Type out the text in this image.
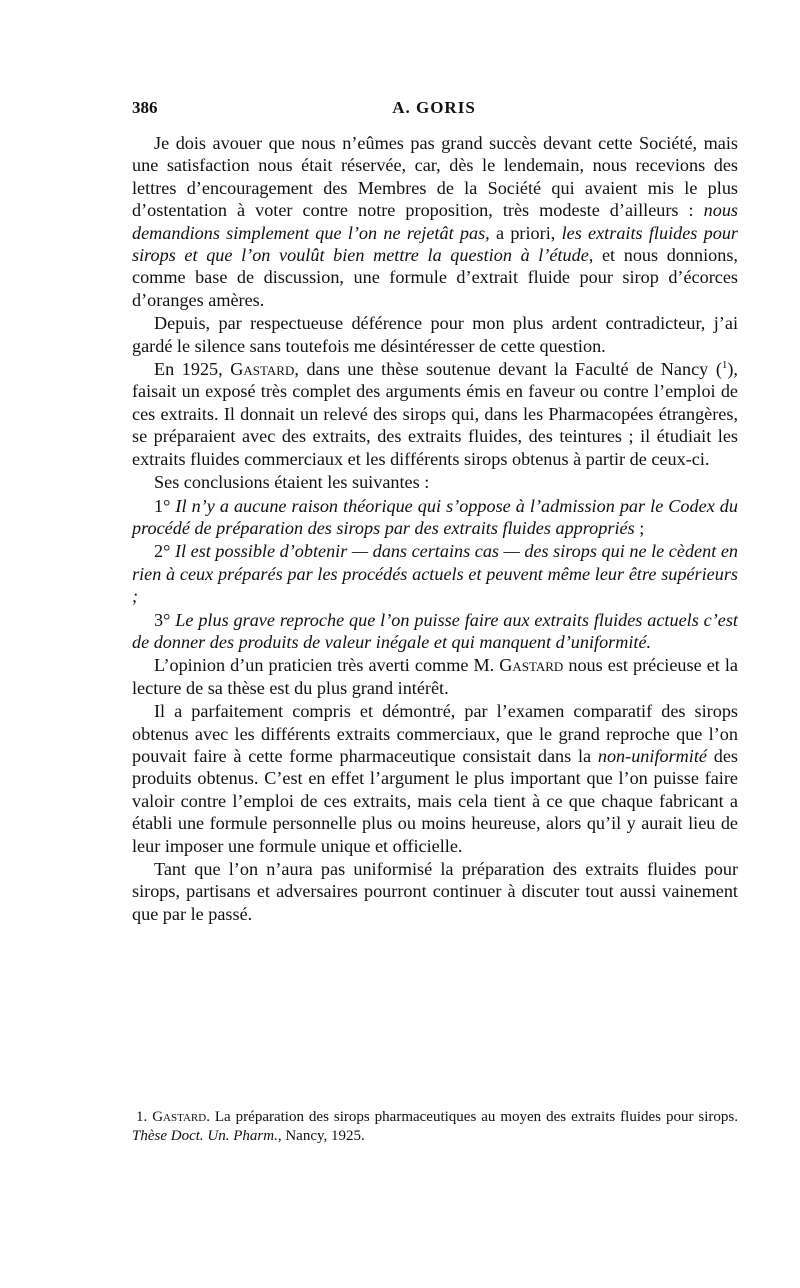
386	A. GORIS

Je dois avouer que nous n’eûmes pas grand succès devant cette Société, mais une satisfaction nous était réservée, car, dès le lendemain, nous recevions des lettres d’encouragement des Membres de la Société qui avaient mis le plus d’ostentation à voter contre notre proposition, très modeste d’ailleurs : nous demandions simplement que l’on ne rejetât pas, a priori, les extraits fluides pour sirops et que l’on voulût bien mettre la question à l’étude, et nous donnions, comme base de discussion, une formule d’extrait fluide pour sirop d’écorces d’oranges amères.

Depuis, par respectueuse déférence pour mon plus ardent contradicteur, j’ai gardé le silence sans toutefois me désintéresser de cette question.

En 1925, Gastard, dans une thèse soutenue devant la Faculté de Nancy ($^1$), faisait un exposé très complet des arguments émis en faveur ou contre l’emploi de ces extraits. Il donnait un relevé des sirops qui, dans les Pharmacopées étrangères, se préparaient avec des extraits, des extraits fluides, des teintures ; il étudiait les extraits fluides commerciaux et les différents sirops obtenus à partir de ceux-ci.

Ses conclusions étaient les suivantes :

1° Il n’y a aucune raison théorique qui s’oppose à l’admission par le Codex du procédé de préparation des sirops par des extraits fluides appropriés ;

2° Il est possible d’obtenir — dans certains cas — des sirops qui ne le cèdent en rien à ceux préparés par les procédés actuels et peuvent même leur être supérieurs ;

3° Le plus grave reproche que l’on puisse faire aux extraits fluides actuels c’est de donner des produits de valeur inégale et qui manquent d’uniformité.

L’opinion d’un praticien très averti comme M. Gastard nous est précieuse et la lecture de sa thèse est du plus grand intérêt.

Il a parfaitement compris et démontré, par l’examen comparatif des sirops obtenus avec les différents extraits commerciaux, que le grand reproche que l’on pouvait faire à cette forme pharmaceutique consistait dans la non-uniformité des produits obtenus. C’est en effet l’argument le plus important que l’on puisse faire valoir contre l’emploi de ces extraits, mais cela tient à ce que chaque fabricant a établi une formule personnelle plus ou moins heureuse, alors qu’il y aurait lieu de leur imposer une formule unique et officielle.

Tant que l’on n’aura pas uniformisé la préparation des extraits fluides pour sirops, partisans et adversaires pourront continuer à discuter tout aussi vainement que par le passé.

1. Gastard. La préparation des sirops pharmaceutiques au moyen des extraits fluides pour sirops. Thèse Doct. Un. Pharm., Nancy, 1925.
